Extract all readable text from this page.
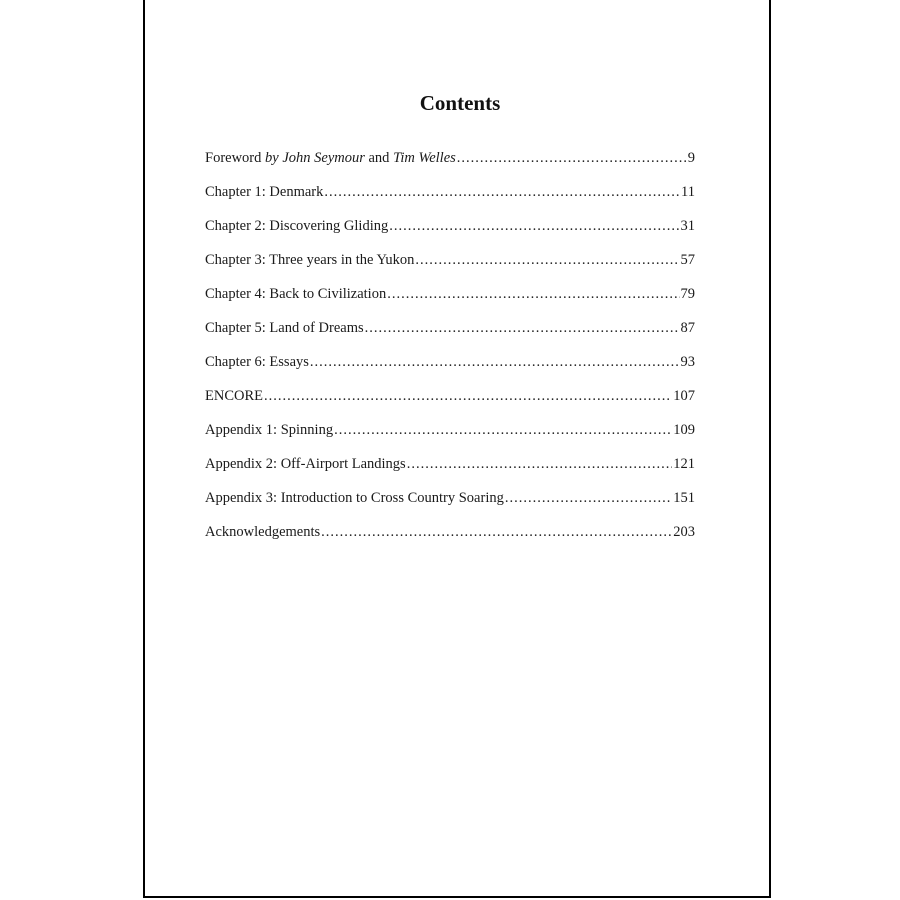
Contents
Foreword by John Seymour and Tim Welles .....	9
Chapter 1: Denmark .....	11
Chapter 2: Discovering Gliding .....	31
Chapter 3: Three years in the Yukon .....	57
Chapter 4: Back to Civilization .....	79
Chapter 5: Land of Dreams .....	87
Chapter 6: Essays .....	93
ENCORE .....	107
Appendix 1: Spinning .....	109
Appendix 2: Off-Airport Landings .....	121
Appendix 3: Introduction to Cross Country Soaring .....	151
Acknowledgements .....	203
